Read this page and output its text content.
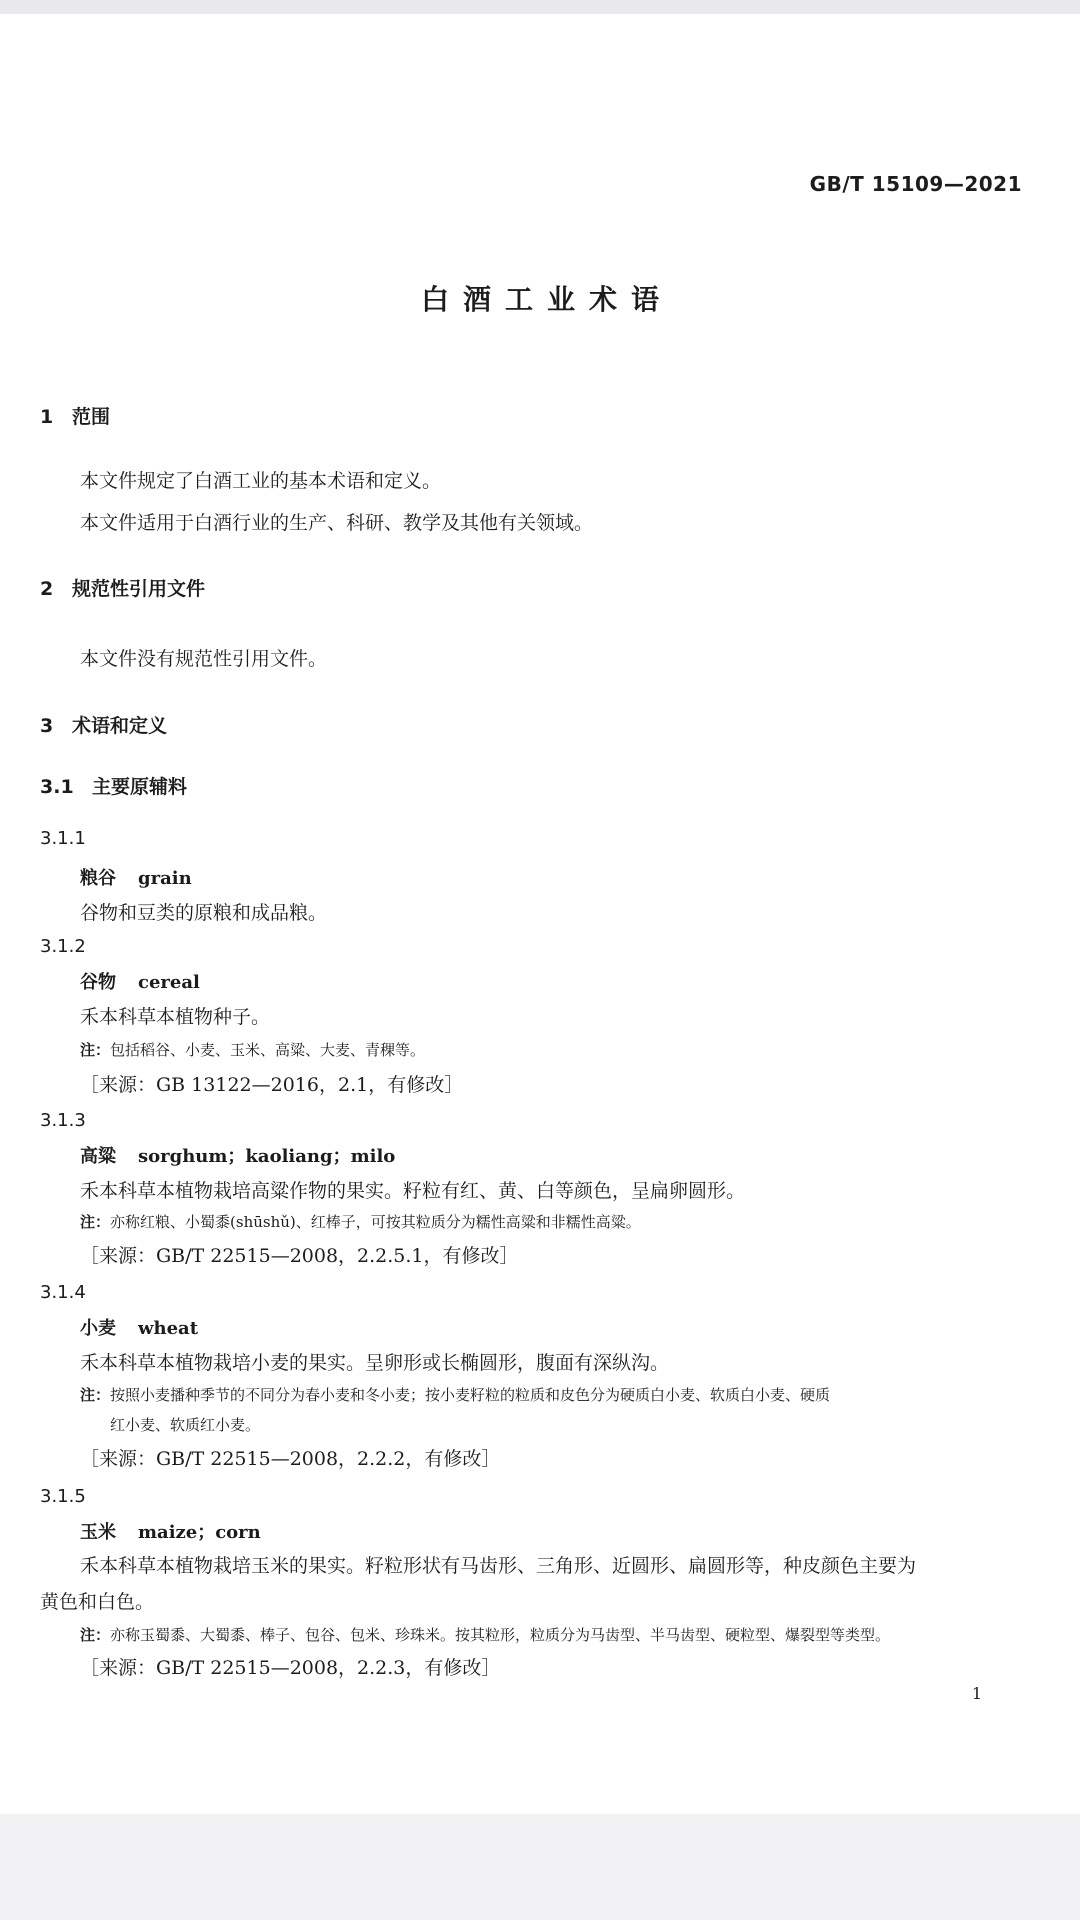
GB/T 15109—2021
白酒工业术语
1 范围
本文件规定了白酒工业的基本术语和定义。
本文件适用于白酒行业的生产、科研、教学及其他有关领域。
2 规范性引用文件
本文件没有规范性引用文件。
3 术语和定义
3.1 主要原辅料
3.1.1
粮谷 grain
谷物和豆类的原粮和成品粮。
3.1.2
谷物 cereal
禾本科草本植物种子。
注：包括稻谷、小麦、玉米、高粱、大麦、青稞等。
［来源：GB 13122—2016，2.1，有修改］
3.1.3
高粱 sorghum；kaoliang；milo
禾本科草本植物栽培高粱作物的果实。籽粒有红、黄、白等颜色，呈扁卵圆形。
注：亦称红粮、小蜀黍(shūshǔ)、红棒子，可按其粒质分为糯性高粱和非糯性高粱。
［来源：GB/T 22515—2008，2.2.5.1，有修改］
3.1.4
小麦 wheat
禾本科草本植物栽培小麦的果实。呈卵形或长椭圆形，腹面有深纵沟。
注：按照小麦播种季节的不同分为春小麦和冬小麦；按小麦籽粒的粒质和皮色分为硬质白小麦、软质白小麦、硬质
红小麦、软质红小麦。
［来源：GB/T 22515—2008，2.2.2，有修改］
3.1.5
玉米 maize；corn
禾本科草本植物栽培玉米的果实。籽粒形状有马齿形、三角形、近圆形、扁圆形等，种皮颜色主要为
黄色和白色。
注：亦称玉蜀黍、大蜀黍、棒子、包谷、包米、珍珠米。按其粒形，粒质分为马齿型、半马齿型、硬粒型、爆裂型等类型。
［来源：GB/T 22515—2008，2.2.3，有修改］
1
